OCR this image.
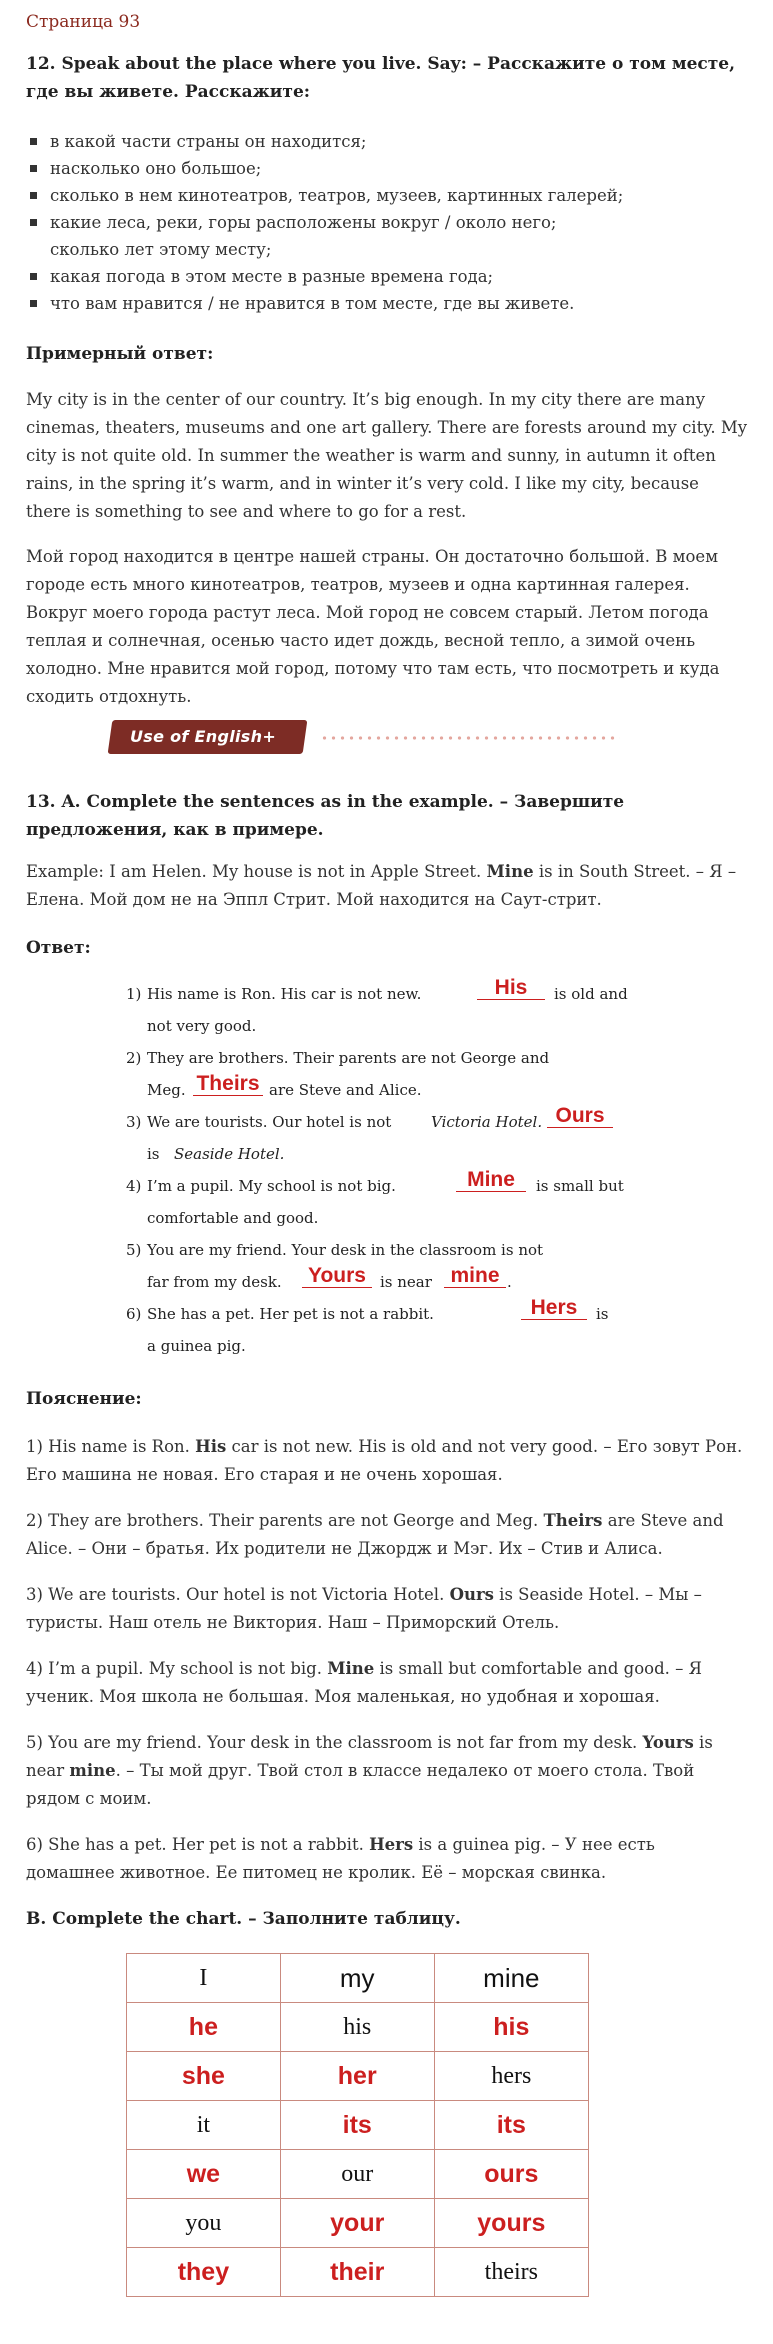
Страница 93
12. Speak about the place where you live. Say: – Расскажите о том месте, где вы живете. Расскажите:
в какой части страны он находится;
насколько оно большое;
сколько в нем кинотеатров, театров, музеев, картинных галерей;
какие леса, реки, горы расположены вокруг / около него;
сколько лет этому месту;
какая погода в этом месте в разные времена года;
что вам нравится / не нравится в том месте, где вы живете.
Примерный ответ:
My city is in the center of our country. It’s big enough. In my city there are many cinemas, theaters, museums and one art gallery. There are forests around my city. My city is not quite old. In summer the weather is warm and sunny, in autumn it often rains, in the spring it’s warm, and in winter it’s very cold. I like my city, because there is something to see and where to go for a rest.
Мой город находится в центре нашей страны. Он достаточно большой. В моем городе есть много кинотеатров, театров, музеев и одна картинная галерея. Вокруг моего города растут леса. Мой город не совсем старый. Летом погода теплая и солнечная, осенью часто идет дождь, весной тепло, а зимой очень холодно. Мне нравится мой город, потому что там есть, что посмотреть и куда сходить отдохнуть.
Use of English+
13. A. Complete the sentences as in the example. – Завершите предложения, как в примере.
Example: I am Helen. My house is not in Apple Street. Mine is in South Street. – Я – Елена. Мой дом не на Эппл Стрит. Мой находится на Саут-стрит.
Ответ:
1) His name is Ron. His car is not new.	His	is old and
not very good.
2) They are brothers. Their parents are not George and
Meg. Theirs are Steve and Alice.
3) We are tourists. Our hotel is not	Victoria Hotel. Ours
is Seaside Hotel.
4) I’m a pupil. My school is not big.	Mine	is small but
comfortable and good.
5) You are my friend. Your desk in the classroom is not
far from my desk. Yours is near mine .
6) She has a pet. Her pet is not a rabbit.	Hers	is
a guinea pig.
Пояснение:
1) His name is Ron. His car is not new. His is old and not very good. – Его зовут Рон. Его машина не новая. Его старая и не очень хорошая.
2) They are brothers. Their parents are not George and Meg. Theirs are Steve and Alice. – Они – братья. Их родители не Джордж и Мэг. Их – Стив и Алиса.
3) We are tourists. Our hotel is not Victoria Hotel. Ours is Seaside Hotel. – Мы – туристы. Наш отель не Виктория. Наш – Приморский Отель.
4) I’m a pupil. My school is not big. Mine is small but comfortable and good. – Я ученик. Моя школа не большая. Моя маленькая, но удобная и хорошая.
5) You are my friend. Your desk in the classroom is not far from my desk. Yours is near mine. – Ты мой друг. Твой стол в классе недалеко от моего стола. Твой рядом с моим.
6) She has a pet. Her pet is not a rabbit. Hers is a guinea pig. – У нее есть домашнее животное. Ее питомец не кролик. Её – морская свинка.
B. Complete the chart. – Заполните таблицу.
I	my	mine
he	his	his
she	her	hers
it	its	its
we	our	ours
you	your	yours
they	their	theirs
